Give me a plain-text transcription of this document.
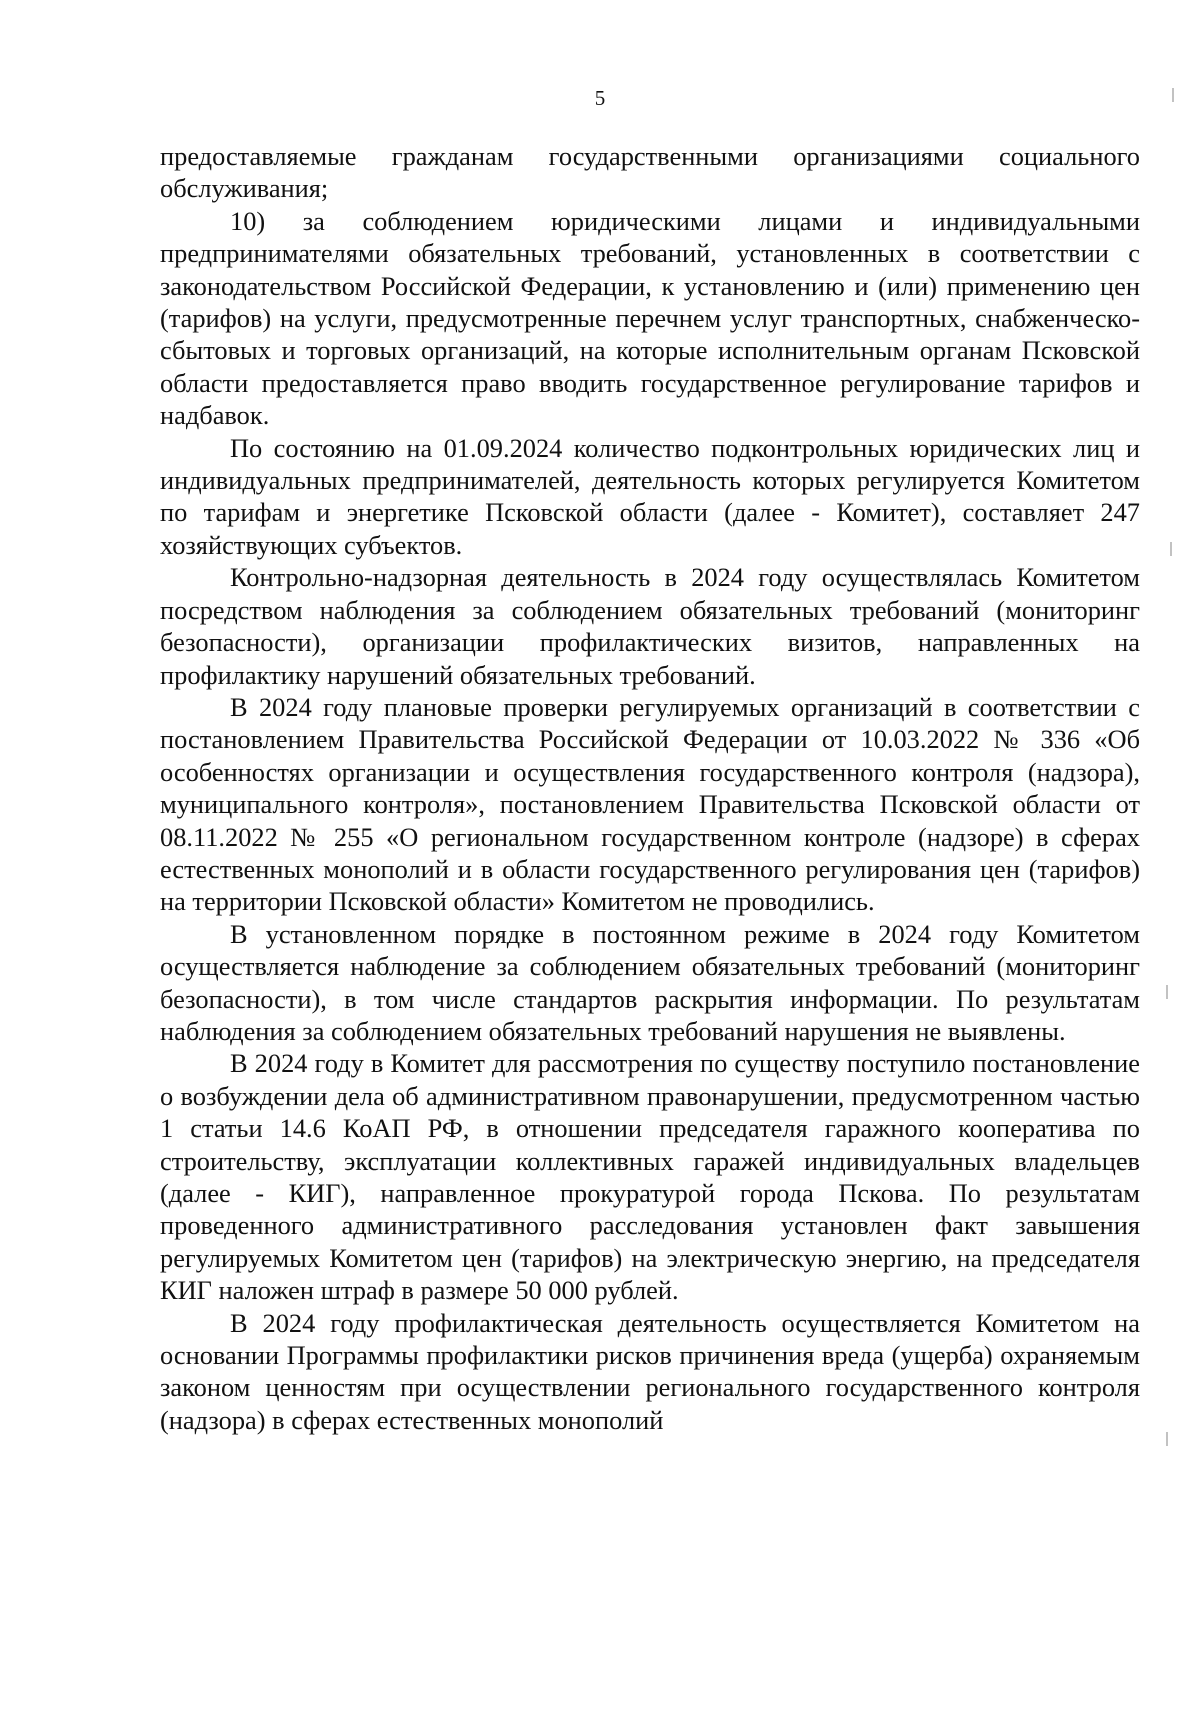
5

предоставляемые гражданам государственными организациями социального обслуживания;

10) за соблюдением юридическими лицами и индивидуальными предпринимателями обязательных требований, установленных в соответствии с законодательством Российской Федерации, к установлению и (или) применению цен (тарифов) на услуги, предусмотренные перечнем услуг транспортных, снабженческо-сбытовых и торговых организаций, на которые исполнительным органам Псковской области предоставляется право вводить государственное регулирование тарифов и надбавок.

По состоянию на 01.09.2024 количество подконтрольных юридических лиц и индивидуальных предпринимателей, деятельность которых регулируется Комитетом по тарифам и энергетике Псковской области (далее - Комитет), составляет 247 хозяйствующих субъектов.

Контрольно-надзорная деятельность в 2024 году осуществлялась Комитетом посредством наблюдения за соблюдением обязательных требований (мониторинг безопасности), организации профилактических визитов, направленных на профилактику нарушений обязательных требований.

В 2024 году плановые проверки регулируемых организаций в соответствии с постановлением Правительства Российской Федерации от 10.03.2022 № 336 «Об особенностях организации и осуществления государственного контроля (надзора), муниципального контроля», постановлением Правительства Псковской области от 08.11.2022 № 255 «О региональном государственном контроле (надзоре) в сферах естественных монополий и в области государственного регулирования цен (тарифов) на территории Псковской области» Комитетом не проводились.

В установленном порядке в постоянном режиме в 2024 году Комитетом осуществляется наблюдение за соблюдением обязательных требований (мониторинг безопасности), в том числе стандартов раскрытия информации. По результатам наблюдения за соблюдением обязательных требований нарушения не выявлены.

В 2024 году в Комитет для рассмотрения по существу поступило постановление о возбуждении дела об административном правонарушении, предусмотренном частью 1 статьи 14.6 КоАП РФ, в отношении председателя гаражного кооператива по строительству, эксплуатации коллективных гаражей индивидуальных владельцев (далее - КИГ), направленное прокуратурой города Пскова. По результатам проведенного административного расследования установлен факт завышения регулируемых Комитетом цен (тарифов) на электрическую энергию, на председателя КИГ наложен штраф в размере 50 000 рублей.

В 2024 году профилактическая деятельность осуществляется Комитетом на основании Программы профилактики рисков причинения вреда (ущерба) охраняемым законом ценностям при осуществлении регионального государственного контроля (надзора) в сферах естественных монополий
